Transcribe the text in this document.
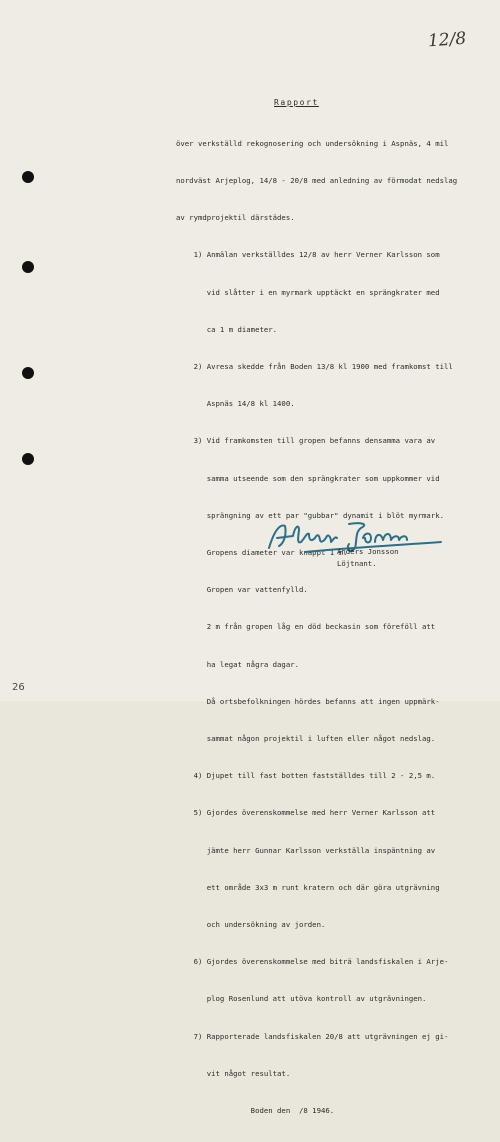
12/8
Rapport

över verkställd rekognosering och undersökning i Aspnäs, 4 mil

nordväst Arjeplog, 14/8 - 20/8 med anledning av förmodat nedslag

av rymdprojektil därstädes.

1) Anmälan verkställdes 12/8 av herr Verner Karlsson som

vid slåtter i en myrmark upptäckt en sprängkrater med

ca 1 m diameter.

2) Avresa skedde från Boden 13/8 kl 1900 med framkomst till

Aspnäs 14/8 kl 1400.

3) Vid framkomsten till gropen befanns densamma vara av

samma utseende som den sprängkrater som uppkommer vid

sprängning av ett par "gubbar" dynamit i blöt myrmark.

Gropens diameter var knappt 1 m.

Gropen var vattenfylld.

2 m från gropen låg en död beckasin som föreföll att

ha legat några dagar.

Då ortsbefolkningen hördes befanns att ingen uppmärk-

sammat någon projektil i luften eller något nedslag.

4) Djupet till fast botten fastställdes till 2 - 2,5 m.

5) Gjordes överenskommelse med herr Verner Karlsson att

jämte herr Gunnar Karlsson verkställa inspäntning av

ett område 3x3 m runt kratern och där göra utgrävning

och undersökning av jorden.

6) Gjordes överenskommelse med biträ landsfiskalen i Arje-

plog Rosenlund att utöva kontroll av utgrävningen.

7) Rapporterade landsfiskalen 20/8 att utgrävningen ej gi-

vit något resultat.

Boden den  /8 1946.

Anders Jonsson
Löjtnant.
26
